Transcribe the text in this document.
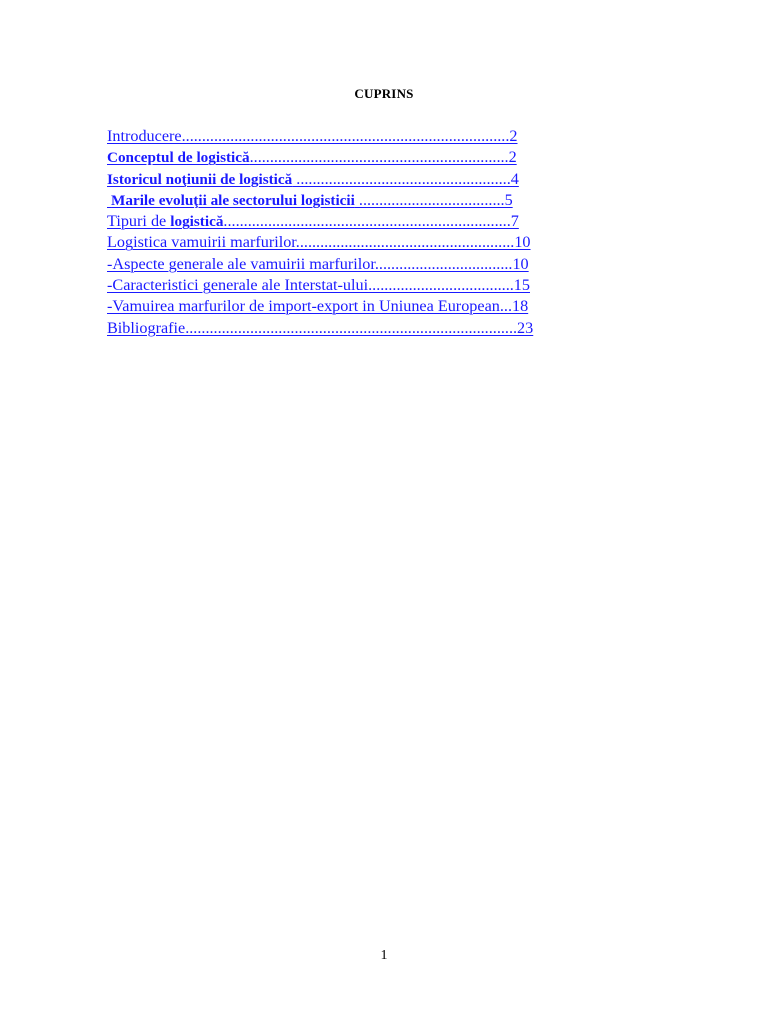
CUPRINS
Introducere.................................................................................2
Conceptul de logistică................................................................2
Istoricul noţiunii de logistică .....................................................4
Marile evoluţii ale sectorului logisticii ....................................5
Tipuri de logistică.......................................................................7
Logistica vamuirii marfurilor......................................................10
-Aspecte generale ale vamuirii marfurilor..................................10
-Caracteristici generale ale Interstat-ului....................................15
-Vamuirea marfurilor de import-export in Uniunea European...18
Bibliografie..................................................................................23
1
